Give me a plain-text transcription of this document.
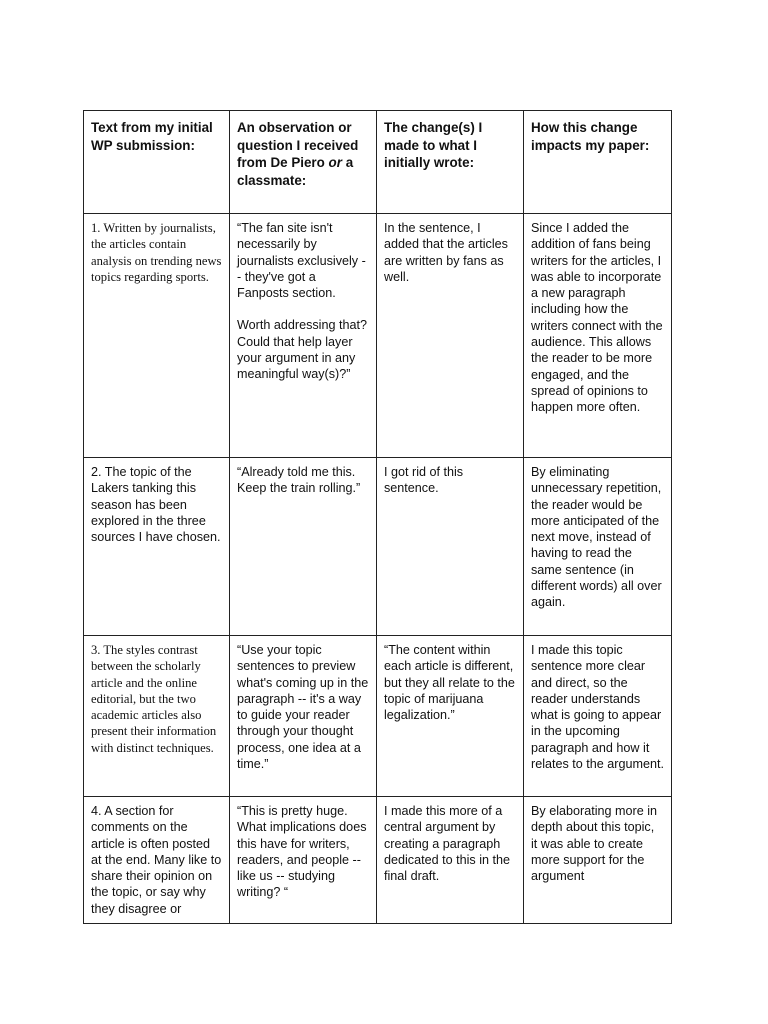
Text from my initial WP submission:	An observation or question I received from De Piero or a classmate:	The change(s) I made to what I initially wrote:	How this change impacts my paper:
1. Written by journalists, the articles contain analysis on trending news topics regarding sports.	“The fan site isn't necessarily by journalists exclusively -- they've got a Fanposts section.
Worth addressing that? Could that help layer your argument in any meaningful way(s)?”	In the sentence, I added that the articles are written by fans as well.	Since I added the addition of fans being writers for the articles, I was able to incorporate a new paragraph including how the writers connect with the audience. This allows the reader to be more engaged, and the spread of opinions to happen more often.
2. The topic of the Lakers tanking this season has been explored in the three sources I have chosen.	“Already told me this. Keep the train rolling.”	I got rid of this sentence.	By eliminating unnecessary repetition, the reader would be more anticipated of the next move, instead of having to read the same sentence (in different words) all over again.
3. The styles contrast between the scholarly article and the online editorial, but the two academic articles also present their information with distinct techniques.	“Use your topic sentences to preview what's coming up in the paragraph -- it's a way to guide your reader through your thought process, one idea at a time.”	“The content within each article is different, but they all relate to the topic of marijuana legalization.”	I made this topic sentence more clear and direct, so the reader understands what is going to appear in the upcoming paragraph and how it relates to the argument.

4. A section for comments on the article is often posted at the end. Many like to share their opinion on the topic, or say why they disagree or	“This is pretty huge. What implications does this have for writers, readers, and people -- like us -- studying writing? “	I made this more of a central argument by creating a paragraph dedicated to this in the final draft.	By elaborating more in depth about this topic, it was able to create more support for the argument
